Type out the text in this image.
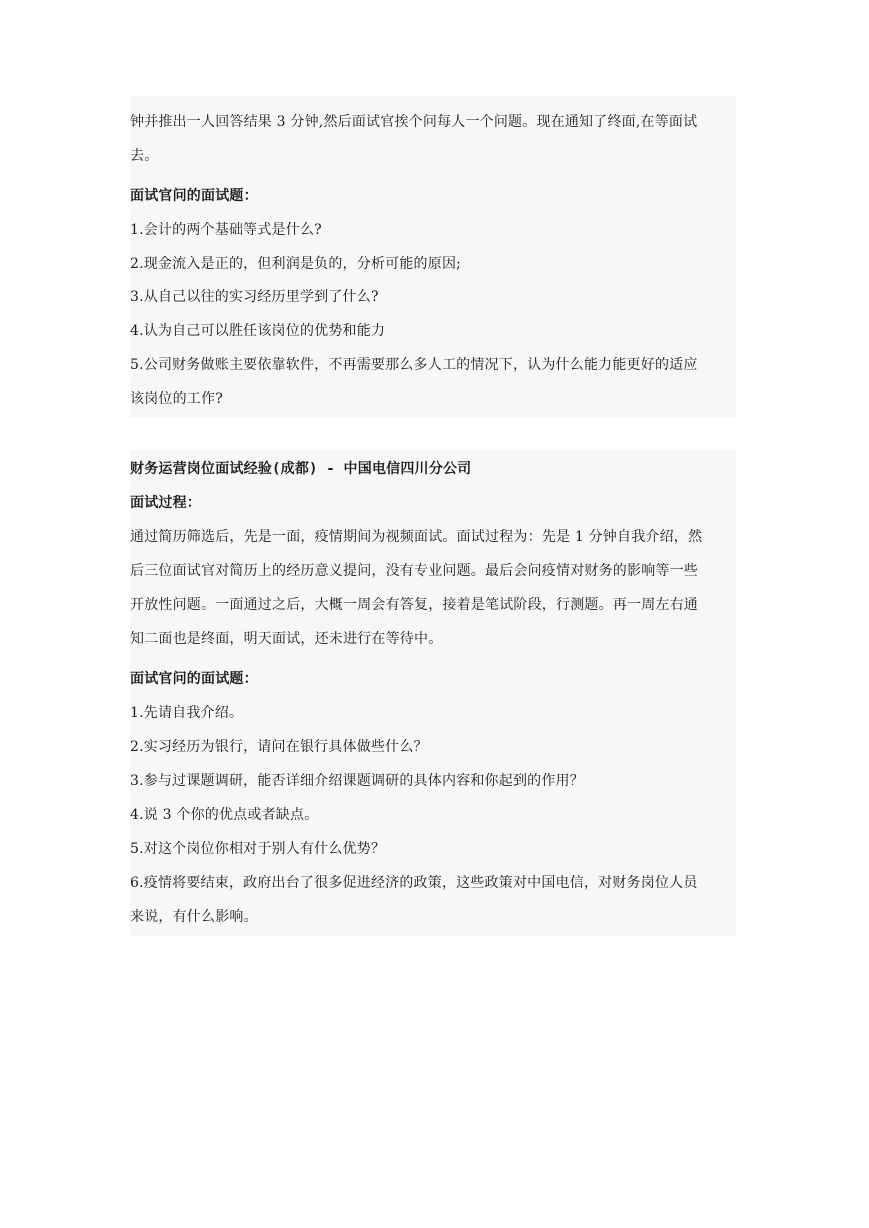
钟并推出一人回答结果 3 分钟,然后面试官挨个问每人一个问题。现在通知了终面,在等面试
去。
面试官问的面试题：
1.会计的两个基础等式是什么?
2.现金流入是正的，但利润是负的，分析可能的原因;
3.从自己以往的实习经历里学到了什么?
4.认为自己可以胜任该岗位的优势和能力
5.公司财务做账主要依靠软件，不再需要那么多人工的情况下，认为什么能力能更好的适应
该岗位的工作?
财务运营岗位面试经验(成都) - 中国电信四川分公司
面试过程：
通过简历筛选后，先是一面，疫情期间为视频面试。面试过程为：先是 1 分钟自我介绍，然
后三位面试官对简历上的经历意义提问，没有专业问题。最后会问疫情对财务的影响等一些
开放性问题。一面通过之后，大概一周会有答复，接着是笔试阶段，行测题。再一周左右通
知二面也是终面，明天面试，还未进行在等待中。
面试官问的面试题：
1.先请自我介绍。
2.实习经历为银行，请问在银行具体做些什么？
3.参与过课题调研，能否详细介绍课题调研的具体内容和你起到的作用？
4.说 3 个你的优点或者缺点。
5.对这个岗位你相对于别人有什么优势？
6.疫情将要结束，政府出台了很多促进经济的政策，这些政策对中国电信，对财务岗位人员
来说，有什么影响。
